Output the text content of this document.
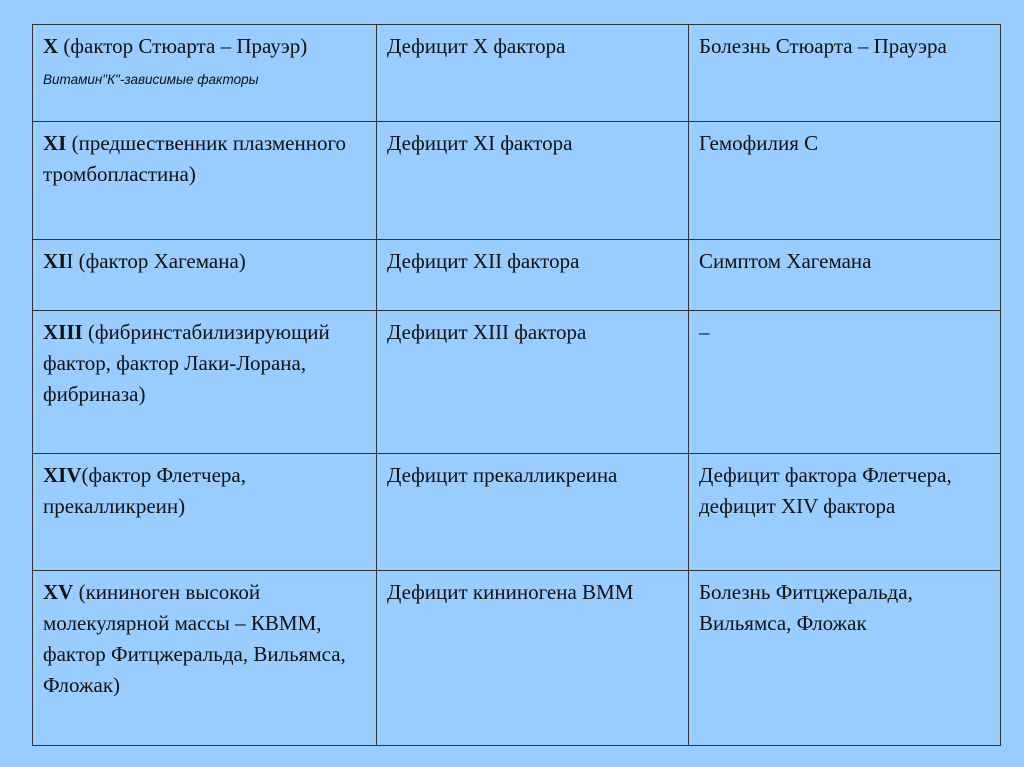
X (фактор Стюарта – Прауэр) Витамин"К"-зависимые факторы	Дефицит X фактора	Болезнь Стюарта – Прауэра
XI (предшественник плазменного тромбопластина)	Дефицит XI фактора	Гемофилия С
XII (фактор Хагемана)	Дефицит XII фактора	Симптом Хагемана
XIII (фибринстабилизирующий фактор, фактор Лаки-Лорана, фибриназа)	Дефицит XIII фактора	–
XIV(фактор Флетчера, прекалликреин)	Дефицит прекалликреина	Дефицит фактора Флетчера, дефицит XIV фактора
XV (кининоген высокой молекулярной массы – КВММ, фактор Фитцжеральда, Вильямса, Фложак)	Дефицит кининогена ВММ	Болезнь Фитцжеральда, Вильямса, Фложак
